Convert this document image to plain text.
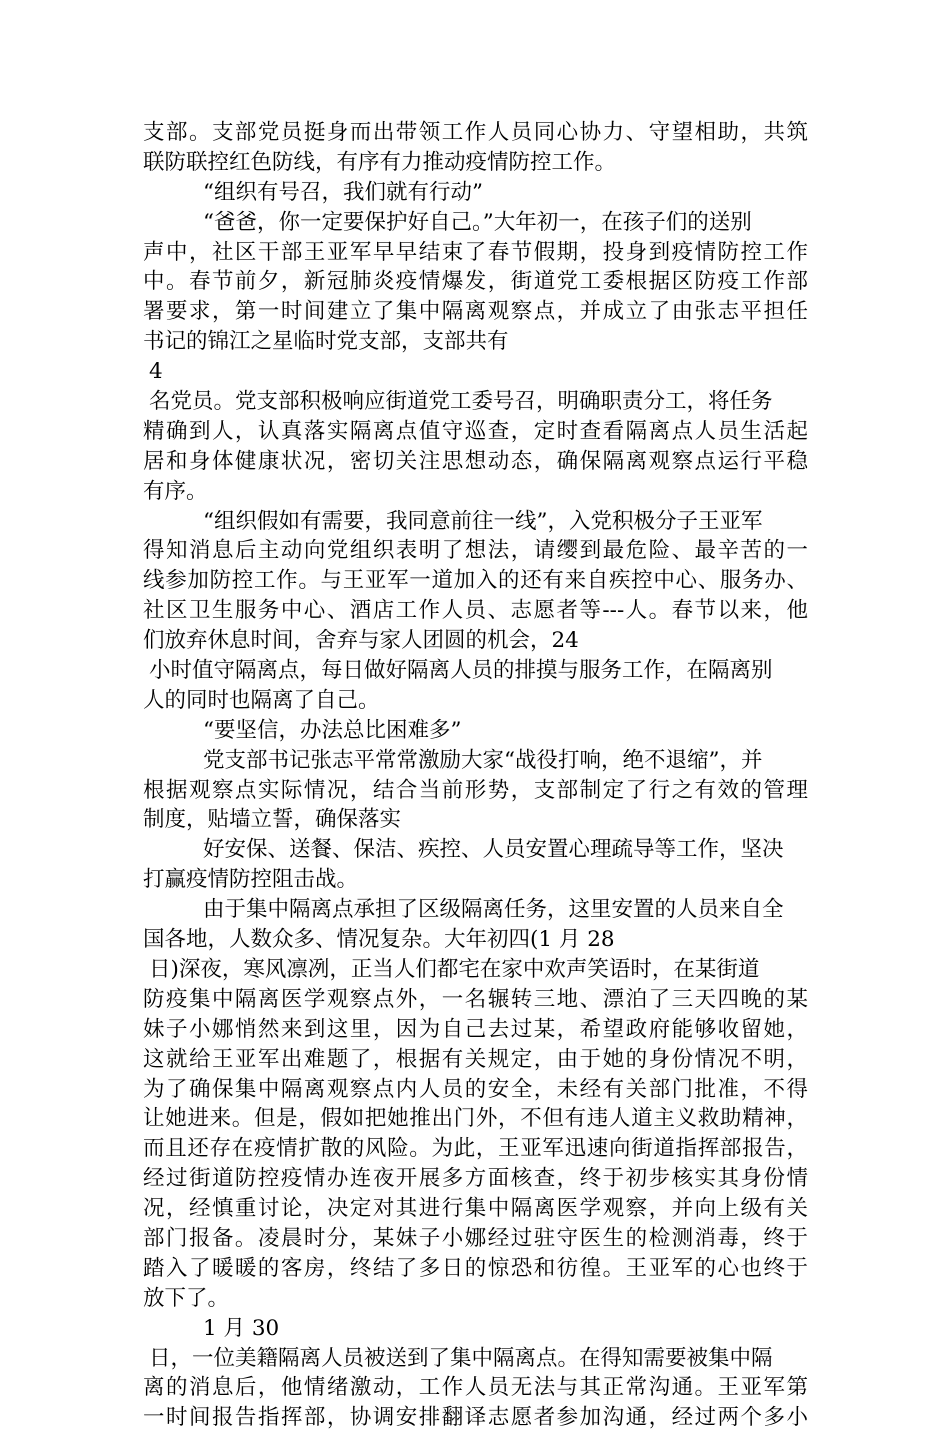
支部。支部党员挺身而出带领工作人员同心协力、守望相助，共筑
联防联控红色防线，有序有力推动疫情防控工作。
“组织有号召，我们就有行动”
“爸爸，你一定要保护好自己。”大年初一，在孩子们的送别
声中，社区干部王亚军早早结束了春节假期，投身到疫情防控工作
中。春节前夕，新冠肺炎疫情爆发，街道党工委根据区防疫工作部
署要求，第一时间建立了集中隔离观察点，并成立了由张志平担任
书记的锦江之星临时党支部，支部共有
4
名党员。党支部积极响应街道党工委号召，明确职责分工，将任务
精确到人，认真落实隔离点值守巡查，定时查看隔离点人员生活起
居和身体健康状况，密切关注思想动态，确保隔离观察点运行平稳
有序。
“组织假如有需要，我同意前往一线”，入党积极分子王亚军
得知消息后主动向党组织表明了想法，请缨到最危险、最辛苦的一
线参加防控工作。与王亚军一道加入的还有来自疾控中心、服务办、
社区卫生服务中心、酒店工作人员、志愿者等---人。春节以来，他
们放弃休息时间，舍弃与家人团圆的机会，24
小时值守隔离点，每日做好隔离人员的排摸与服务工作，在隔离别
人的同时也隔离了自己。
“要坚信，办法总比困难多”
党支部书记张志平常常激励大家“战役打响，绝不退缩”，并
根据观察点实际情况，结合当前形势，支部制定了行之有效的管理
制度，贴墙立誓，确保落实
好安保、送餐、保洁、疾控、人员安置心理疏导等工作，坚决
打赢疫情防控阻击战。
由于集中隔离点承担了区级隔离任务，这里安置的人员来自全
国各地，人数众多、情况复杂。大年初四(1 月 28
日)深夜，寒风凛冽，正当人们都宅在家中欢声笑语时，在某街道
防疫集中隔离医学观察点外，一名辗转三地、漂泊了三天四晚的某
妹子小娜悄然来到这里，因为自己去过某，希望政府能够收留她，
这就给王亚军出难题了，根据有关规定，由于她的身份情况不明，
为了确保集中隔离观察点内人员的安全，未经有关部门批准，不得
让她进来。但是，假如把她推出门外，不但有违人道主义救助精神，
而且还存在疫情扩散的风险。为此，王亚军迅速向街道指挥部报告，
经过街道防控疫情办连夜开展多方面核查，终于初步核实其身份情
况，经慎重讨论，决定对其进行集中隔离医学观察，并向上级有关
部门报备。凌晨时分，某妹子小娜经过驻守医生的检测消毒，终于
踏入了暖暖的客房，终结了多日的惊恐和彷徨。王亚军的心也终于
放下了。
1 月 30
日，一位美籍隔离人员被送到了集中隔离点。在得知需要被集中隔
离的消息后，他情绪激动，工作人员无法与其正常沟通。王亚军第
一时间报告指挥部，协调安排翻译志愿者参加沟通，经过两个多小
